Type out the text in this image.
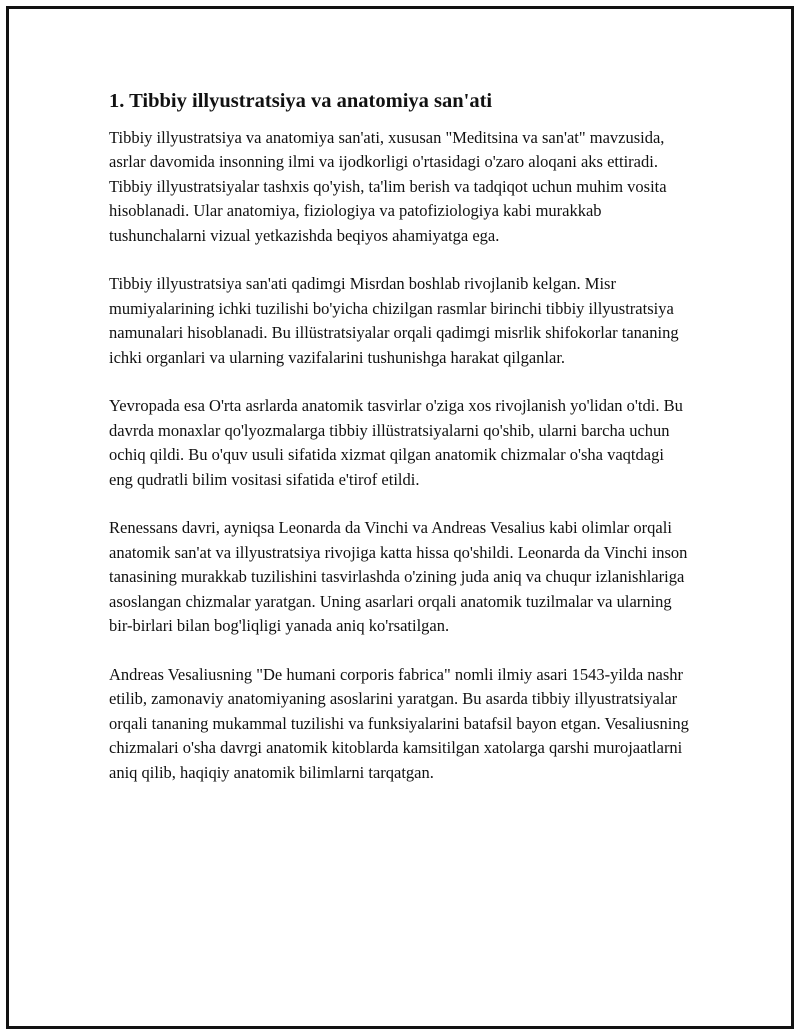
1. Tibbiy illyustratsiya va anatomiya san'ati

Tibbiy illyustratsiya va anatomiya san'ati, xususan "Meditsina va san'at" mavzusida, asrlar davomida insonning ilmi va ijodkorligi o'rtasidagi o'zaro aloqani aks ettiradi. Tibbiy illyustratsiyalar tashxis qo'yish, ta'lim berish va tadqiqot uchun muhim vosita hisoblanadi. Ular anatomiya, fiziologiya va patofiziologiya kabi murakkab tushunchalarni vizual yetkazishda beqiyos ahamiyatga ega.

Tibbiy illyustratsiya san'ati qadimgi Misrdan boshlab rivojlanib kelgan. Misr mumiyalarining ichki tuzilishi bo'yicha chizilgan rasmlar birinchi tibbiy illyustratsiya namunalari hisoblanadi. Bu illüstratsiyalar orqali qadimgi misrlik shifokorlar tananing ichki organlari va ularning vazifalarini tushunishga harakat qilganlar.

Yevropada esa O'rta asrlarda anatomik tasvirlar o'ziga xos rivojlanish yo'lidan o'tdi. Bu davrda monaxlar qo'lyozmalarga tibbiy illüstratsiyalarni qo'shib, ularni barcha uchun ochiq qildi. Bu o'quv usuli sifatida xizmat qilgan anatomik chizmalar o'sha vaqtdagi eng qudratli bilim vositasi sifatida e'tirof etildi.

Renessans davri, ayniqsa Leonarda da Vinchi va Andreas Vesalius kabi olimlar orqali anatomik san'at va illyustratsiya rivojiga katta hissa qo'shildi. Leonarda da Vinchi inson tanasining murakkab tuzilishini tasvirlashda o'zining juda aniq va chuqur izlanishlariga asoslangan chizmalar yaratgan. Uning asarlari orqali anatomik tuzilmalar va ularning bir-birlari bilan bog'liqligi yanada aniq ko'rsatilgan.

Andreas Vesaliusning "De humani corporis fabrica" nomli ilmiy asari 1543-yilda nashr etilib, zamonaviy anatomiyaning asoslarini yaratgan. Bu asarda tibbiy illyustratsiyalar orqali tananing mukammal tuzilishi va funksiyalarini batafsil bayon etgan. Vesaliusning chizmalari o'sha davrgi anatomik kitoblarda kamsitilgan xatolarga qarshi murojaatlarni aniq qilib, haqiqiy anatomik bilimlarni tarqatgan.
